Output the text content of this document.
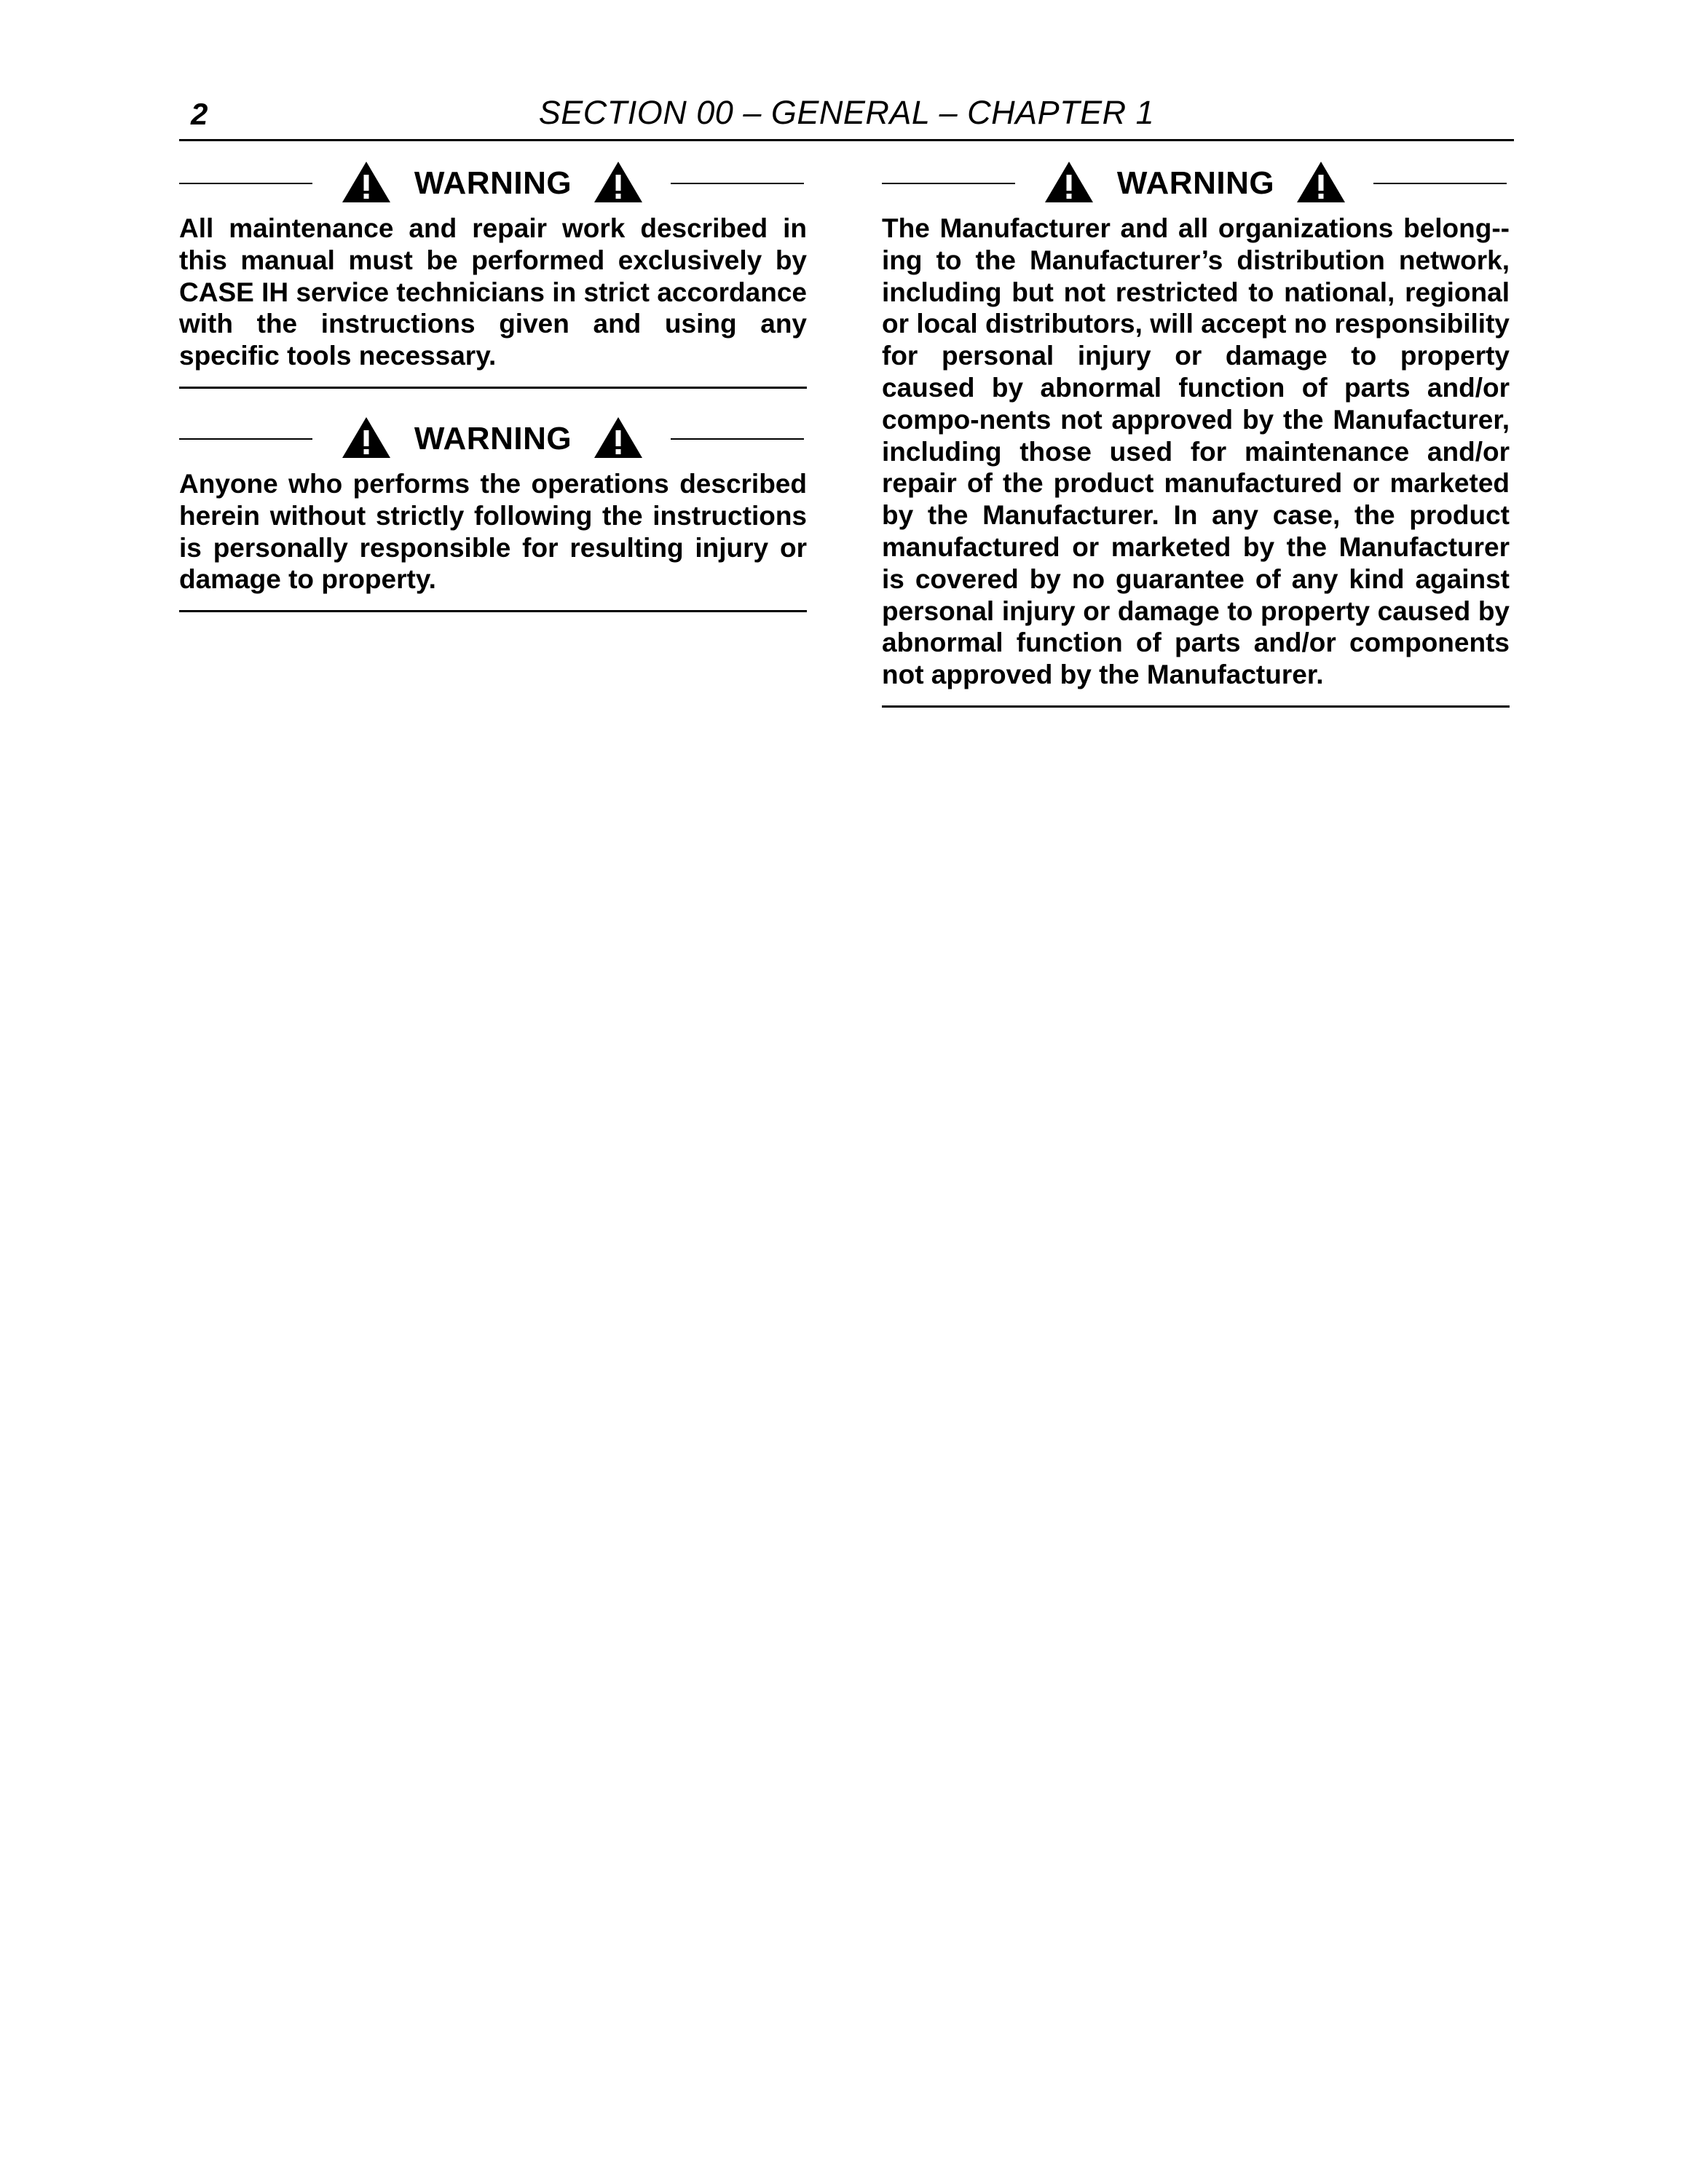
2	SECTION 00 – GENERAL – CHAPTER 1
WARNING
All maintenance and repair work described in this manual must be performed exclusively by CASE IH service technicians in strict accordance with the instructions given and using any specific tools necessary.
WARNING
Anyone who performs the operations described herein without strictly following the instructions is personally responsible for resulting injury or damage to property.
WARNING
The Manufacturer and all organizations belong-ing to the Manufacturer’s distribution network, including but not restricted to national, regional or local distributors, will accept no responsibility for personal injury or damage to property caused by abnormal function of parts and/or compo-nents not approved by the Manufacturer, including those used for maintenance and/or repair of the product manufactured or marketed by the Manufacturer. In any case, the product manufactured or marketed by the Manufacturer is covered by no guarantee of any kind against personal injury or damage to property caused by abnormal function of parts and/or components not approved by the Manufacturer.
